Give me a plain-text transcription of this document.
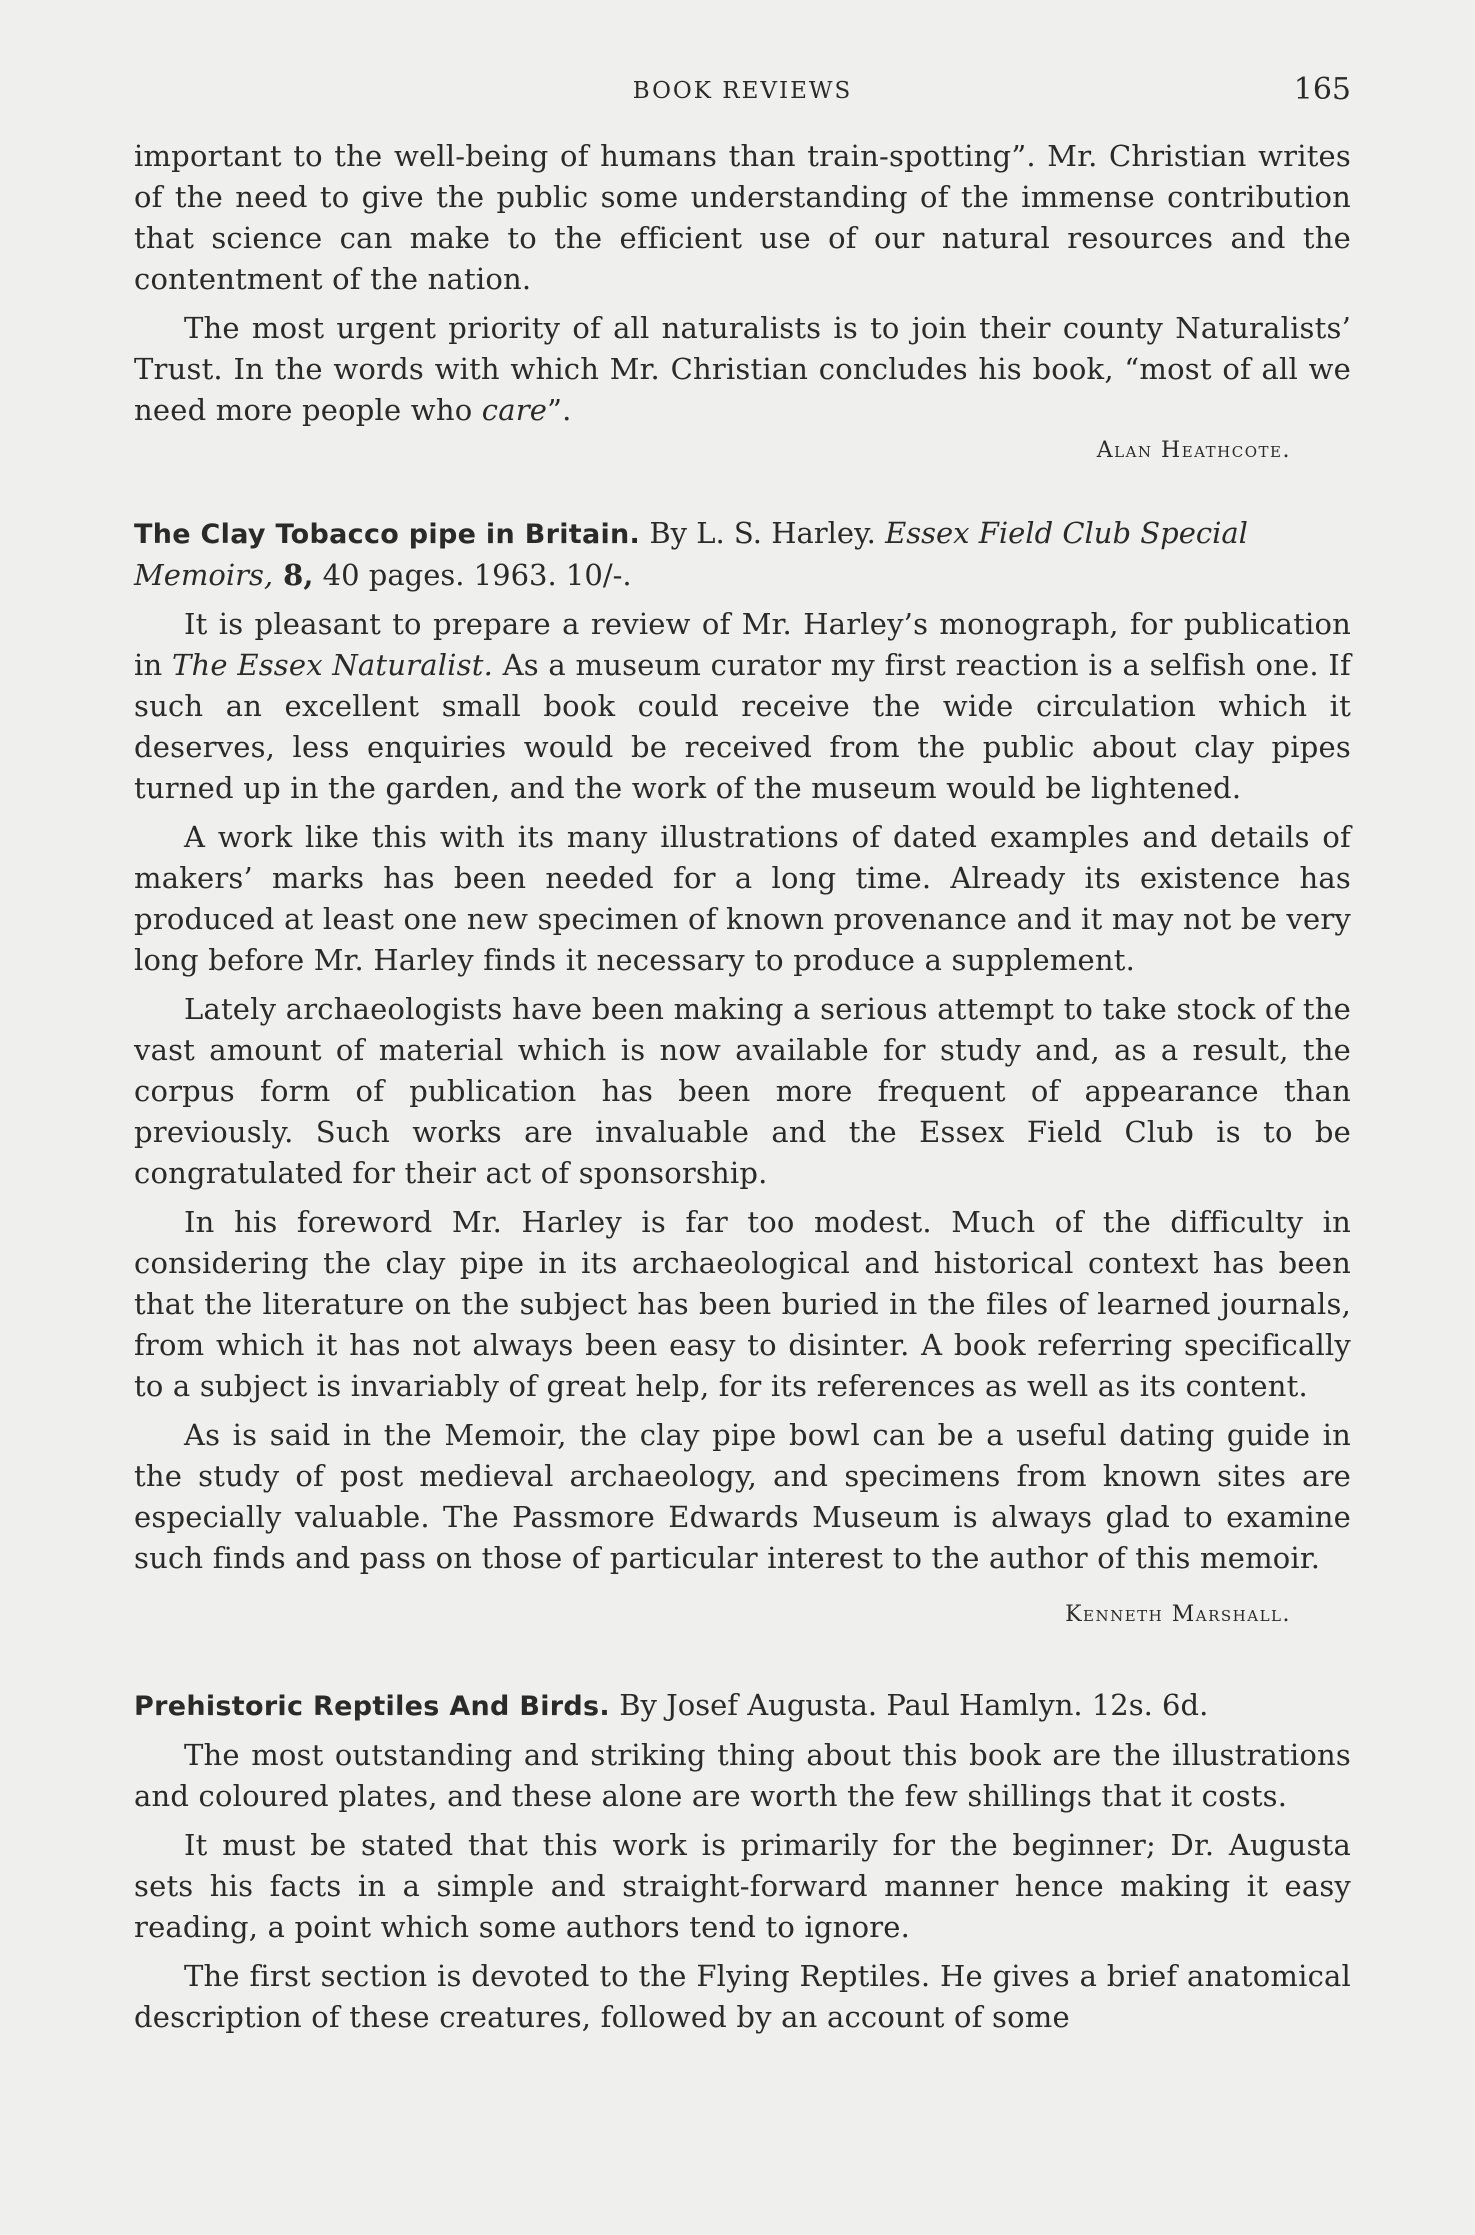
BOOK REVIEWS	165

important to the well-being of humans than train-spotting”. Mr. Christian writes of the need to give the public some understanding of the immense contribution that science can make to the efficient use of our natural resources and the contentment of the nation.

The most urgent priority of all naturalists is to join their county Naturalists’ Trust. In the words with which Mr. Christian concludes his book, “most of all we need more people who care”.

Alan Heathcote.
The Clay Tobacco pipe in Britain. By L. S. Harley. Essex Field Club Special Memoirs, 8, 40 pages. 1963. 10/-.

It is pleasant to prepare a review of Mr. Harley’s monograph, for publication in The Essex Naturalist. As a museum curator my first reaction is a selfish one. If such an excellent small book could receive the wide circulation which it deserves, less enquiries would be received from the public about clay pipes turned up in the garden, and the work of the museum would be lightened.

A work like this with its many illustrations of dated examples and details of makers’ marks has been needed for a long time. Already its existence has produced at least one new specimen of known provenance and it may not be very long before Mr. Harley finds it necessary to produce a supplement.

Lately archaeologists have been making a serious attempt to take stock of the vast amount of material which is now available for study and, as a result, the corpus form of publication has been more frequent of appearance than previously. Such works are invaluable and the Essex Field Club is to be congratulated for their act of sponsorship.

In his foreword Mr. Harley is far too modest. Much of the difficulty in considering the clay pipe in its archaeological and historical context has been that the literature on the subject has been buried in the files of learned journals, from which it has not always been easy to disinter. A book referring specifically to a subject is invariably of great help, for its references as well as its content.

As is said in the Memoir, the clay pipe bowl can be a useful dating guide in the study of post medieval archaeology, and specimens from known sites are especially valuable. The Passmore Edwards Museum is always glad to examine such finds and pass on those of particular interest to the author of this memoir.

Kenneth Marshall.
Prehistoric Reptiles And Birds. By Josef Augusta. Paul Hamlyn. 12s. 6d.

The most outstanding and striking thing about this book are the illustrations and coloured plates, and these alone are worth the few shillings that it costs.

It must be stated that this work is primarily for the beginner; Dr. Augusta sets his facts in a simple and straight-forward manner hence making it easy reading, a point which some authors tend to ignore.

The first section is devoted to the Flying Reptiles. He gives a brief anatomical description of these creatures, followed by an account of some
